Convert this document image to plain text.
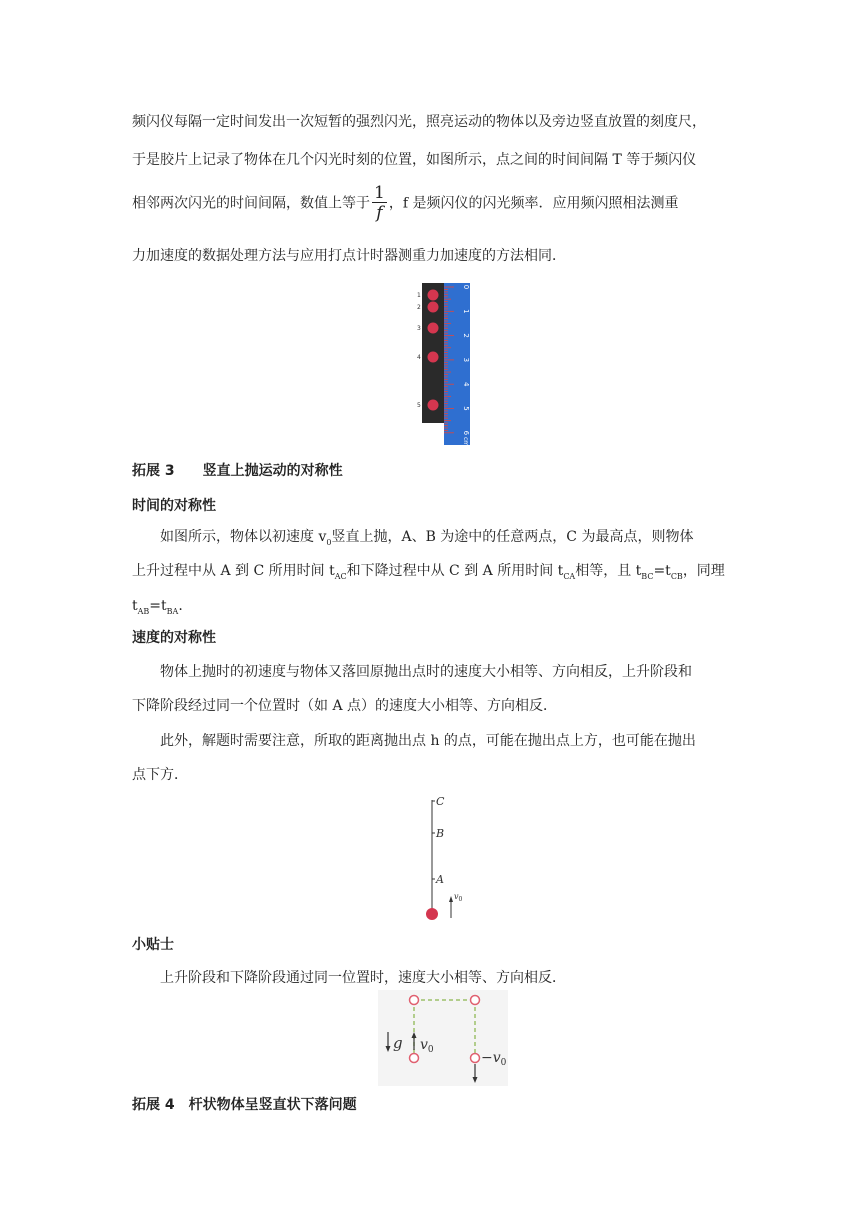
频闪仪每隔一定时间发出一次短暂的强烈闪光，照亮运动的物体以及旁边竖直放置的刻度尺，
于是胶片上记录了物体在几个闪光时刻的位置，如图所示，点之间的时间间隔 T 等于频闪仪
相邻两次闪光的时间间隔，数值上等于 $\frac{1}{f}$ ，f 是频闪仪的闪光频率．应用频闪照相法测重
力加速度的数据处理方法与应用打点计时器测重力加速度的方法相同．
0
1
2
3
4
5
6
1
2
3
4
5
cm
拓展 3　　竖直上抛运动的对称性
时间的对称性
如图所示，物体以初速度 $v_0$竖直上抛，A、B 为途中的任意两点，C 为最高点，则物体
上升过程中从 A 到 C 所用时间 $t_{AC}$和下降过程中从 C 到 A 所用时间 $t_{CA}$相等，且 $t_{BC}=t_{CB}$，同理
$t_{AB}=t_{BA}$.
速度的对称性
物体上抛时的初速度与物体又落回原抛出点时的速度大小相等、方向相反，上升阶段和
下降阶段经过同一个位置时（如 A 点）的速度大小相等、方向相反．
此外，解题时需要注意，所取的距离抛出点 h 的点，可能在抛出点上方，也可能在抛出
点下方．
C
B
A
$v_0$
小贴士
上升阶段和下降阶段通过同一位置时，速度大小相等、方向相反．
g $v_0$	$-v_0$
拓展 4　杆状物体呈竖直状下落问题
